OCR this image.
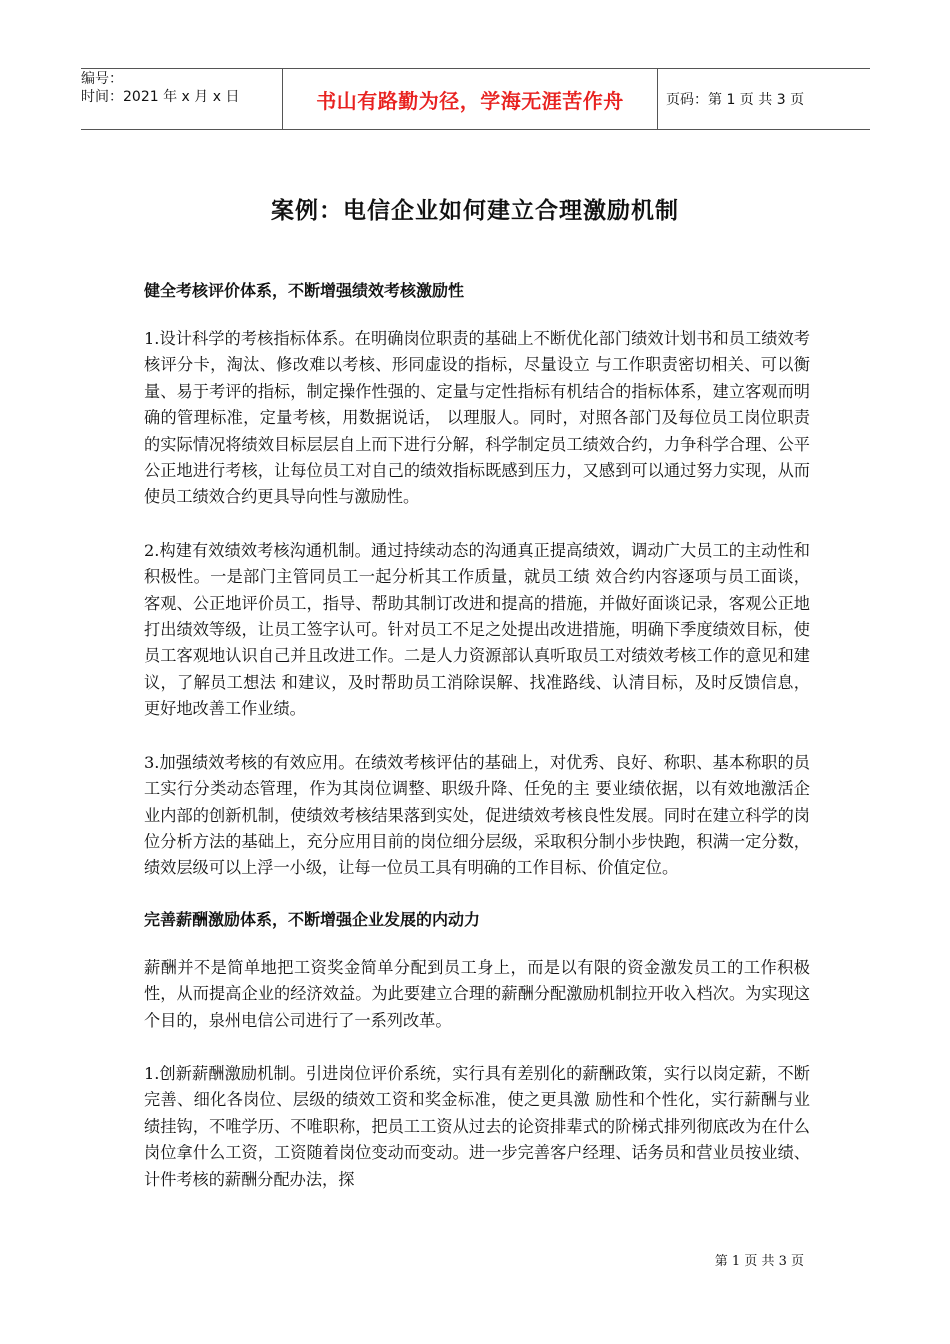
编号：
时间：2021 年 x 月 x 日	书山有路勤为径，学海无涯苦作舟	页码：第 1 页 共 3 页
案例：电信企业如何建立合理激励机制
健全考核评价体系，不断增强绩效考核激励性

1.设计科学的考核指标体系。在明确岗位职责的基础上不断优化部门绩效计划书和员工绩效考核评分卡，淘汰、修改难以考核、形同虚设的指标，尽量设立 与工作职责密切相关、可以衡量、易于考评的指标，制定操作性强的、定量与定性指标有机结合的指标体系，建立客观而明确的管理标准，定量考核，用数据说话， 以理服人。同时，对照各部门及每位员工岗位职责的实际情况将绩效目标层层自上而下进行分解，科学制定员工绩效合约，力争科学合理、公平公正地进行考核，让每位员工对自己的绩效指标既感到压力，又感到可以通过努力实现，从而使员工绩效合约更具导向性与激励性。

2.构建有效绩效考核沟通机制。通过持续动态的沟通真正提高绩效，调动广大员工的主动性和积极性。一是部门主管同员工一起分析其工作质量，就员工绩 效合约内容逐项与员工面谈，客观、公正地评价员工，指导、帮助其制订改进和提高的措施，并做好面谈记录，客观公正地打出绩效等级，让员工签字认可。针对员工不足之处提出改进措施，明确下季度绩效目标，使员工客观地认识自己并且改进工作。二是人力资源部认真听取员工对绩效考核工作的意见和建议，了解员工想法 和建议，及时帮助员工消除误解、找准路线、认清目标，及时反馈信息，更好地改善工作业绩。

3.加强绩效考核的有效应用。在绩效考核评估的基础上，对优秀、良好、称职、基本称职的员工实行分类动态管理，作为其岗位调整、职级升降、任免的主 要业绩依据，以有效地激活企业内部的创新机制，使绩效考核结果落到实处，促进绩效考核良性发展。同时在建立科学的岗位分析方法的基础上，充分应用目前的岗位细分层级，采取积分制小步快跑，积满一定分数，绩效层级可以上浮一小级，让每一位员工具有明确的工作目标、价值定位。

完善薪酬激励体系，不断增强企业发展的内动力

薪酬并不是简单地把工资奖金简单分配到员工身上，而是以有限的资金激发员工的工作积极性，从而提高企业的经济效益。为此要建立合理的薪酬分配激励机制拉开收入档次。为实现这个目的，泉州电信公司进行了一系列改革。

1.创新薪酬激励机制。引进岗位评价系统，实行具有差别化的薪酬政策，实行以岗定薪，不断完善、细化各岗位、层级的绩效工资和奖金标准，使之更具激 励性和个性化，实行薪酬与业绩挂钩，不唯学历、不唯职称，把员工工资从过去的论资排辈式的阶梯式排列彻底改为在什么岗位拿什么工资，工资随着岗位变动而变动。进一步完善客户经理、话务员和营业员按业绩、计件考核的薪酬分配办法，探

第 1 页 共 3 页
